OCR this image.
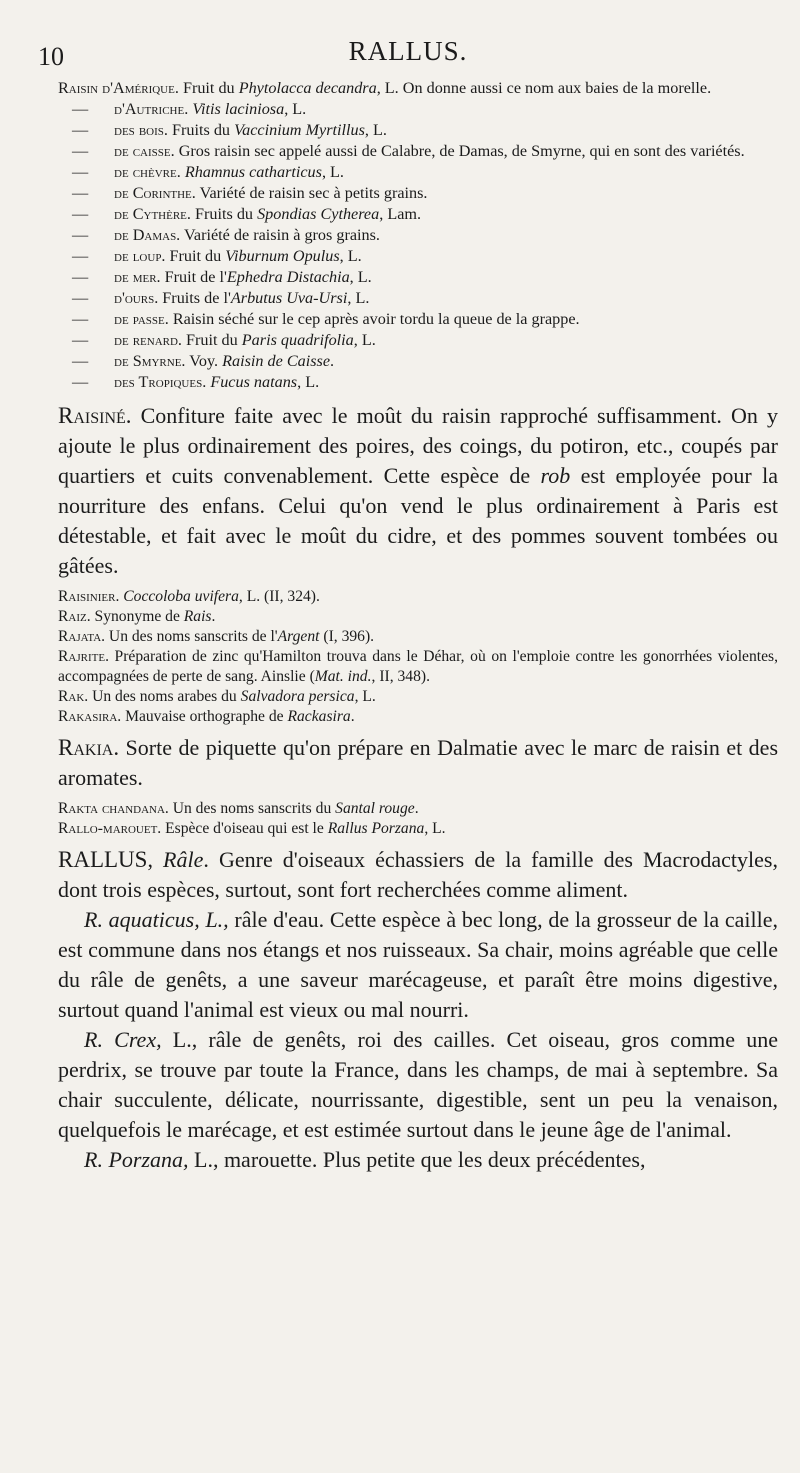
10	RALLUS.

Raisin d'Amérique. Fruit du Phytolacca decandra, L. On donne aussi ce nom aux baies de la morelle.

— d'Autriche. Vitis laciniosa, L.

— des bois. Fruits du Vaccinium Myrtillus, L.

— de caisse. Gros raisin sec appelé aussi de Calabre, de Damas, de Smyrne, qui en sont des variétés.

— de chèvre. Rhamnus catharticus, L.

— de Corinthe. Variété de raisin sec à petits grains.

— de Cythère. Fruits du Spondias Cytherea, Lam.

— de Damas. Variété de raisin à gros grains.

— de loup. Fruit du Viburnum Opulus, L.

— de mer. Fruit de l'Ephedra Distachia, L.

— d'ours. Fruits de l'Arbutus Uva-Ursi, L.

— de passe. Raisin séché sur le cep après avoir tordu la queue de la grappe.

— de renard. Fruit du Paris quadrifolia, L.

— de Smyrne. Voy. Raisin de Caisse.

— des Tropiques. Fucus natans, L.

Raisiné. Confiture faite avec le moût du raisin rapproché suffisamment. On y ajoute le plus ordinairement des poires, des coings, du potiron, etc., coupés par quartiers et cuits convenablement. Cette espèce de rob est employée pour la nourriture des enfans. Celui qu'on vend le plus ordinairement à Paris est détestable, et fait avec le moût du cidre, et des pommes souvent tombées ou gâtées.

Raisinier. Coccoloba uvifera, L. (II, 324).

Raiz. Synonyme de Rais.

Rajata. Un des noms sanscrits de l'Argent (I, 396).

Rajrite. Préparation de zinc qu'Hamilton trouva dans le Déhar, où on l'emploie contre les gonorrhées violentes, accompagnées de perte de sang. Ainslie (Mat. ind., II, 348).

Rak. Un des noms arabes du Salvadora persica, L.

Rakasira. Mauvaise orthographe de Rackasira.

Rakia. Sorte de piquette qu'on prépare en Dalmatie avec le marc de raisin et des aromates.

Rakta chandana. Un des noms sanscrits du Santal rouge.

Rallo-marouet. Espèce d'oiseau qui est le Rallus Porzana, L.

RALLUS, Râle. Genre d'oiseaux échassiers de la famille des Macrodactyles, dont trois espèces, surtout, sont fort recherchées comme aliment.

R. aquaticus, L., râle d'eau. Cette espèce à bec long, de la grosseur de la caille, est commune dans nos étangs et nos ruisseaux. Sa chair, moins agréable que celle du râle de genêts, a une saveur marécageuse, et paraît être moins digestive, surtout quand l'animal est vieux ou mal nourri.

R. Crex, L., râle de genêts, roi des cailles. Cet oiseau, gros comme une perdrix, se trouve par toute la France, dans les champs, de mai à septembre. Sa chair succulente, délicate, nourrissante, digestible, sent un peu la venaison, quelquefois le marécage, et est estimée surtout dans le jeune âge de l'animal.

R. Porzana, L., marouette. Plus petite que les deux précédentes,
